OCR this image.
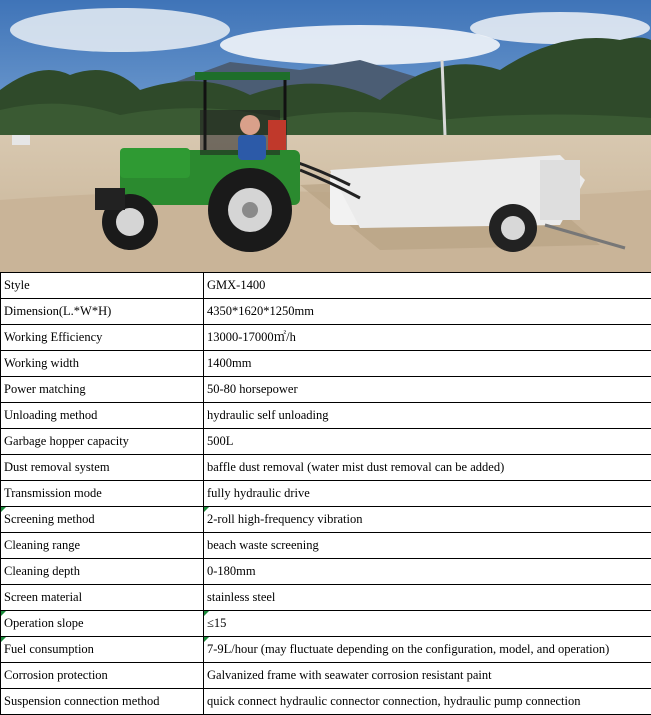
Style	GMX-1400
Dimension(L.*W*H)	4350*1620*1250mm
Working Efficiency	13000-17000㎡/h
Working width	1400mm
Power matching	50-80 horsepower
Unloading method	hydraulic self unloading
Garbage hopper capacity	500L
Dust removal system	baffle dust removal (water mist dust removal can be added)
Transmission mode	fully hydraulic drive
Screening method	2-roll high-frequency vibration
Cleaning range	beach waste screening
Cleaning depth	0-180mm
Screen material	stainless steel
Operation slope	≤15
Fuel consumption	7-9L/hour (may fluctuate depending on the configuration, model, and operation)
Corrosion protection	Galvanized frame with seawater corrosion resistant paint
Suspension connection method	quick connect hydraulic connector connection, hydraulic pump connection
